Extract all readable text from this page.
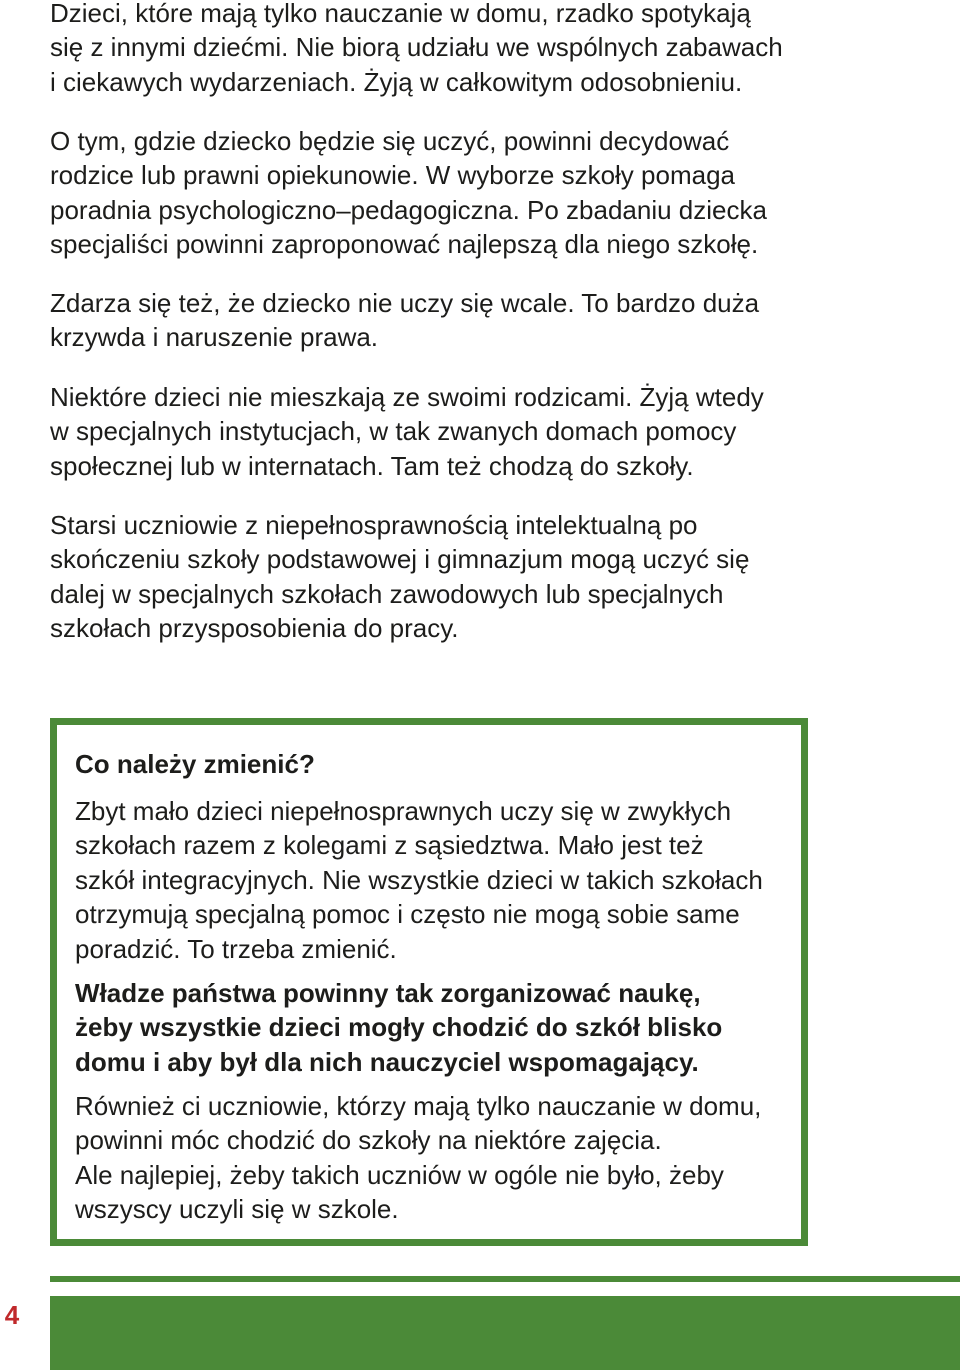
Dzieci, które mają tylko nauczanie w domu, rzadko spotykają
się z innymi dziećmi. Nie biorą udziału we wspólnych zabawach
i ciekawych wydarzeniach. Żyją w całkowitym odosobnieniu.

O tym, gdzie dziecko będzie się uczyć, powinni decydować
rodzice lub prawni opiekunowie. W wyborze szkoły pomaga
poradnia psychologiczno–pedagogiczna. Po zbadaniu dziecka
specjaliści powinni zaproponować najlepszą dla niego szkołę.

Zdarza się też, że dziecko nie uczy się wcale. To bardzo duża
krzywda i naruszenie prawa.

Niektóre dzieci nie mieszkają ze swoimi rodzicami. Żyją wtedy
w specjalnych instytucjach, w tak zwanych domach pomocy
społecznej lub w internatach. Tam też chodzą do szkoły.

Starsi uczniowie z niepełnosprawnością intelektualną po
skończeniu szkoły podstawowej i gimnazjum mogą uczyć się
dalej w specjalnych szkołach zawodowych lub specjalnych
szkołach przysposobienia do pracy.

Co należy zmienić?

Zbyt mało dzieci niepełnosprawnych uczy się w zwykłych
szkołach razem z kolegami z sąsiedztwa. Mało jest też
szkół integracyjnych. Nie wszystkie dzieci w takich szkołach
otrzymują specjalną pomoc i często nie mogą sobie same
poradzić. To trzeba zmienić.

Władze państwa powinny tak zorganizować naukę,
żeby wszystkie dzieci mogły chodzić do szkół blisko
domu i aby był dla nich nauczyciel wspomagający.

Również ci uczniowie, którzy mają tylko nauczanie w domu,
powinni móc chodzić do szkoły na niektóre zajęcia.
Ale najlepiej, żeby takich uczniów w ogóle nie było, żeby
wszyscy uczyli się w szkole.

4
